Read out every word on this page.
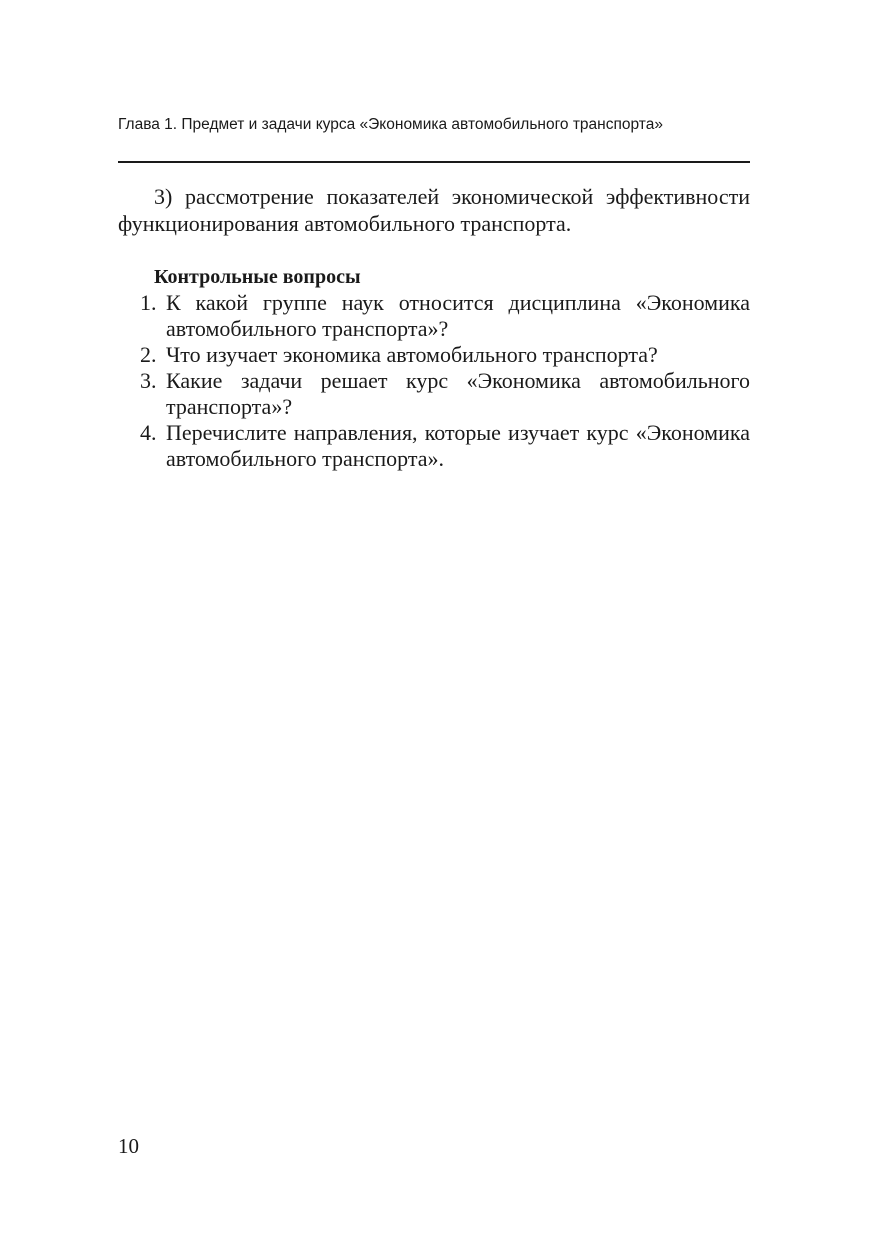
Глава 1. Предмет и задачи курса «Экономика автомобильного транспорта»

3) рассмотрение показателей экономической эффективности функционирования автомобильного транспорта.

Контрольные вопросы
1. К какой группе наук относится дисциплина «Экономика автомобильного транспорта»?
2. Что изучает экономика автомобильного транспорта?
3. Какие задачи решает курс «Экономика автомобильного транспорта»?
4. Перечислите направления, которые изучает курс «Экономика автомобильного транспорта».
10
